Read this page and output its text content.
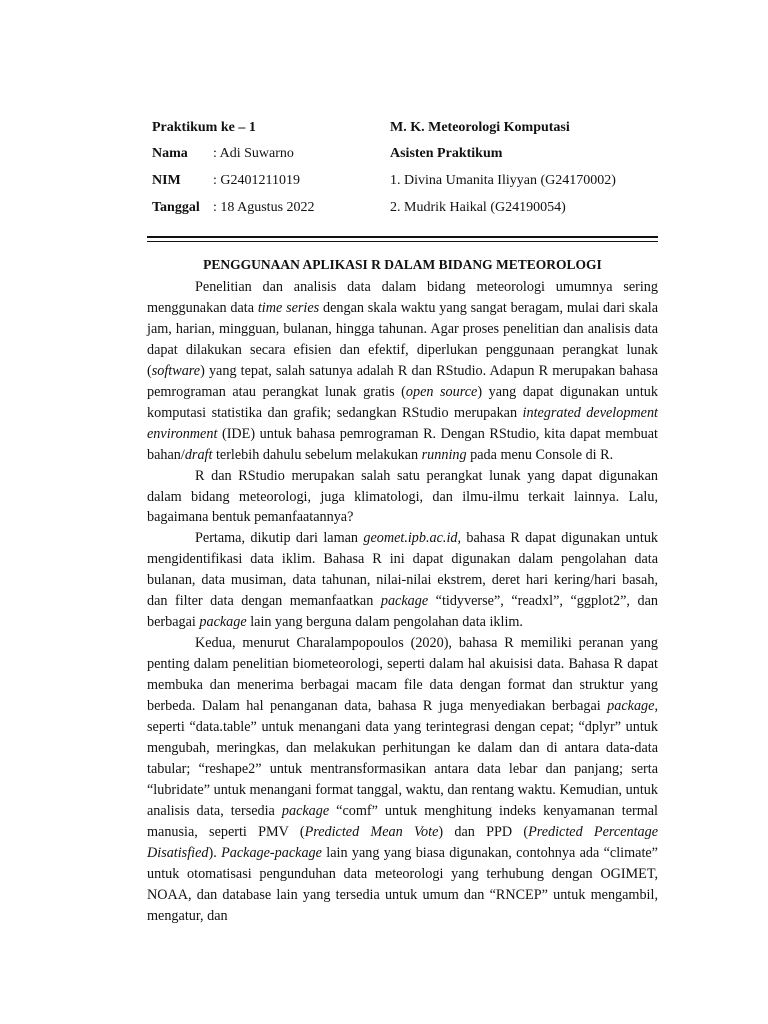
Praktikum ke – 1	M. K. Meteorologi Komputasi
Nama : Adi Suwarno	Asisten Praktikum
NIM : G2401211019	1. Divina Umanita Iliyyan (G24170002)
Tanggal : 18 Agustus 2022	2. Mudrik Haikal (G24190054)
PENGGUNAAN APLIKASI R DALAM BIDANG METEOROLOGI

Penelitian dan analisis data dalam bidang meteorologi umumnya sering menggunakan data time series dengan skala waktu yang sangat beragam, mulai dari skala jam, harian, mingguan, bulanan, hingga tahunan. Agar proses penelitian dan analisis data dapat dilakukan secara efisien dan efektif, diperlukan penggunaan perangkat lunak (software) yang tepat, salah satunya adalah R dan RStudio. Adapun R merupakan bahasa pemrograman atau perangkat lunak gratis (open source) yang dapat digunakan untuk komputasi statistika dan grafik; sedangkan RStudio merupakan integrated development environment (IDE) untuk bahasa pemrograman R. Dengan RStudio, kita dapat membuat bahan/draft terlebih dahulu sebelum melakukan running pada menu Console di R.

R dan RStudio merupakan salah satu perangkat lunak yang dapat digunakan dalam bidang meteorologi, juga klimatologi, dan ilmu-ilmu terkait lainnya. Lalu, bagaimana bentuk pemanfaatannya?

Pertama, dikutip dari laman geomet.ipb.ac.id, bahasa R dapat digunakan untuk mengidentifikasi data iklim. Bahasa R ini dapat digunakan dalam pengolahan data bulanan, data musiman, data tahunan, nilai-nilai ekstrem, deret hari kering/hari basah, dan filter data dengan memanfaatkan package “tidyverse”, “readxl”, “ggplot2”, dan berbagai package lain yang berguna dalam pengolahan data iklim.

Kedua, menurut Charalampopoulos (2020), bahasa R memiliki peranan yang penting dalam penelitian biometeorologi, seperti dalam hal akuisisi data. Bahasa R dapat membuka dan menerima berbagai macam file data dengan format dan struktur yang berbeda. Dalam hal penanganan data, bahasa R juga menyediakan berbagai package, seperti “data.table” untuk menangani data yang terintegrasi dengan cepat; “dplyr” untuk mengubah, meringkas, dan melakukan perhitungan ke dalam dan di antara data-data tabular; “reshape2” untuk mentransformasikan antara data lebar dan panjang; serta “lubridate” untuk menangani format tanggal, waktu, dan rentang waktu. Kemudian, untuk analisis data, tersedia package “comf” untuk menghitung indeks kenyamanan termal manusia, seperti PMV (Predicted Mean Vote) dan PPD (Predicted Percentage Disatisfied). Package-package lain yang yang biasa digunakan, contohnya ada “climate” untuk otomatisasi pengunduhan data meteorologi yang terhubung dengan OGIMET, NOAA, dan database lain yang tersedia untuk umum dan “RNCEP” untuk mengambil, mengatur, dan
